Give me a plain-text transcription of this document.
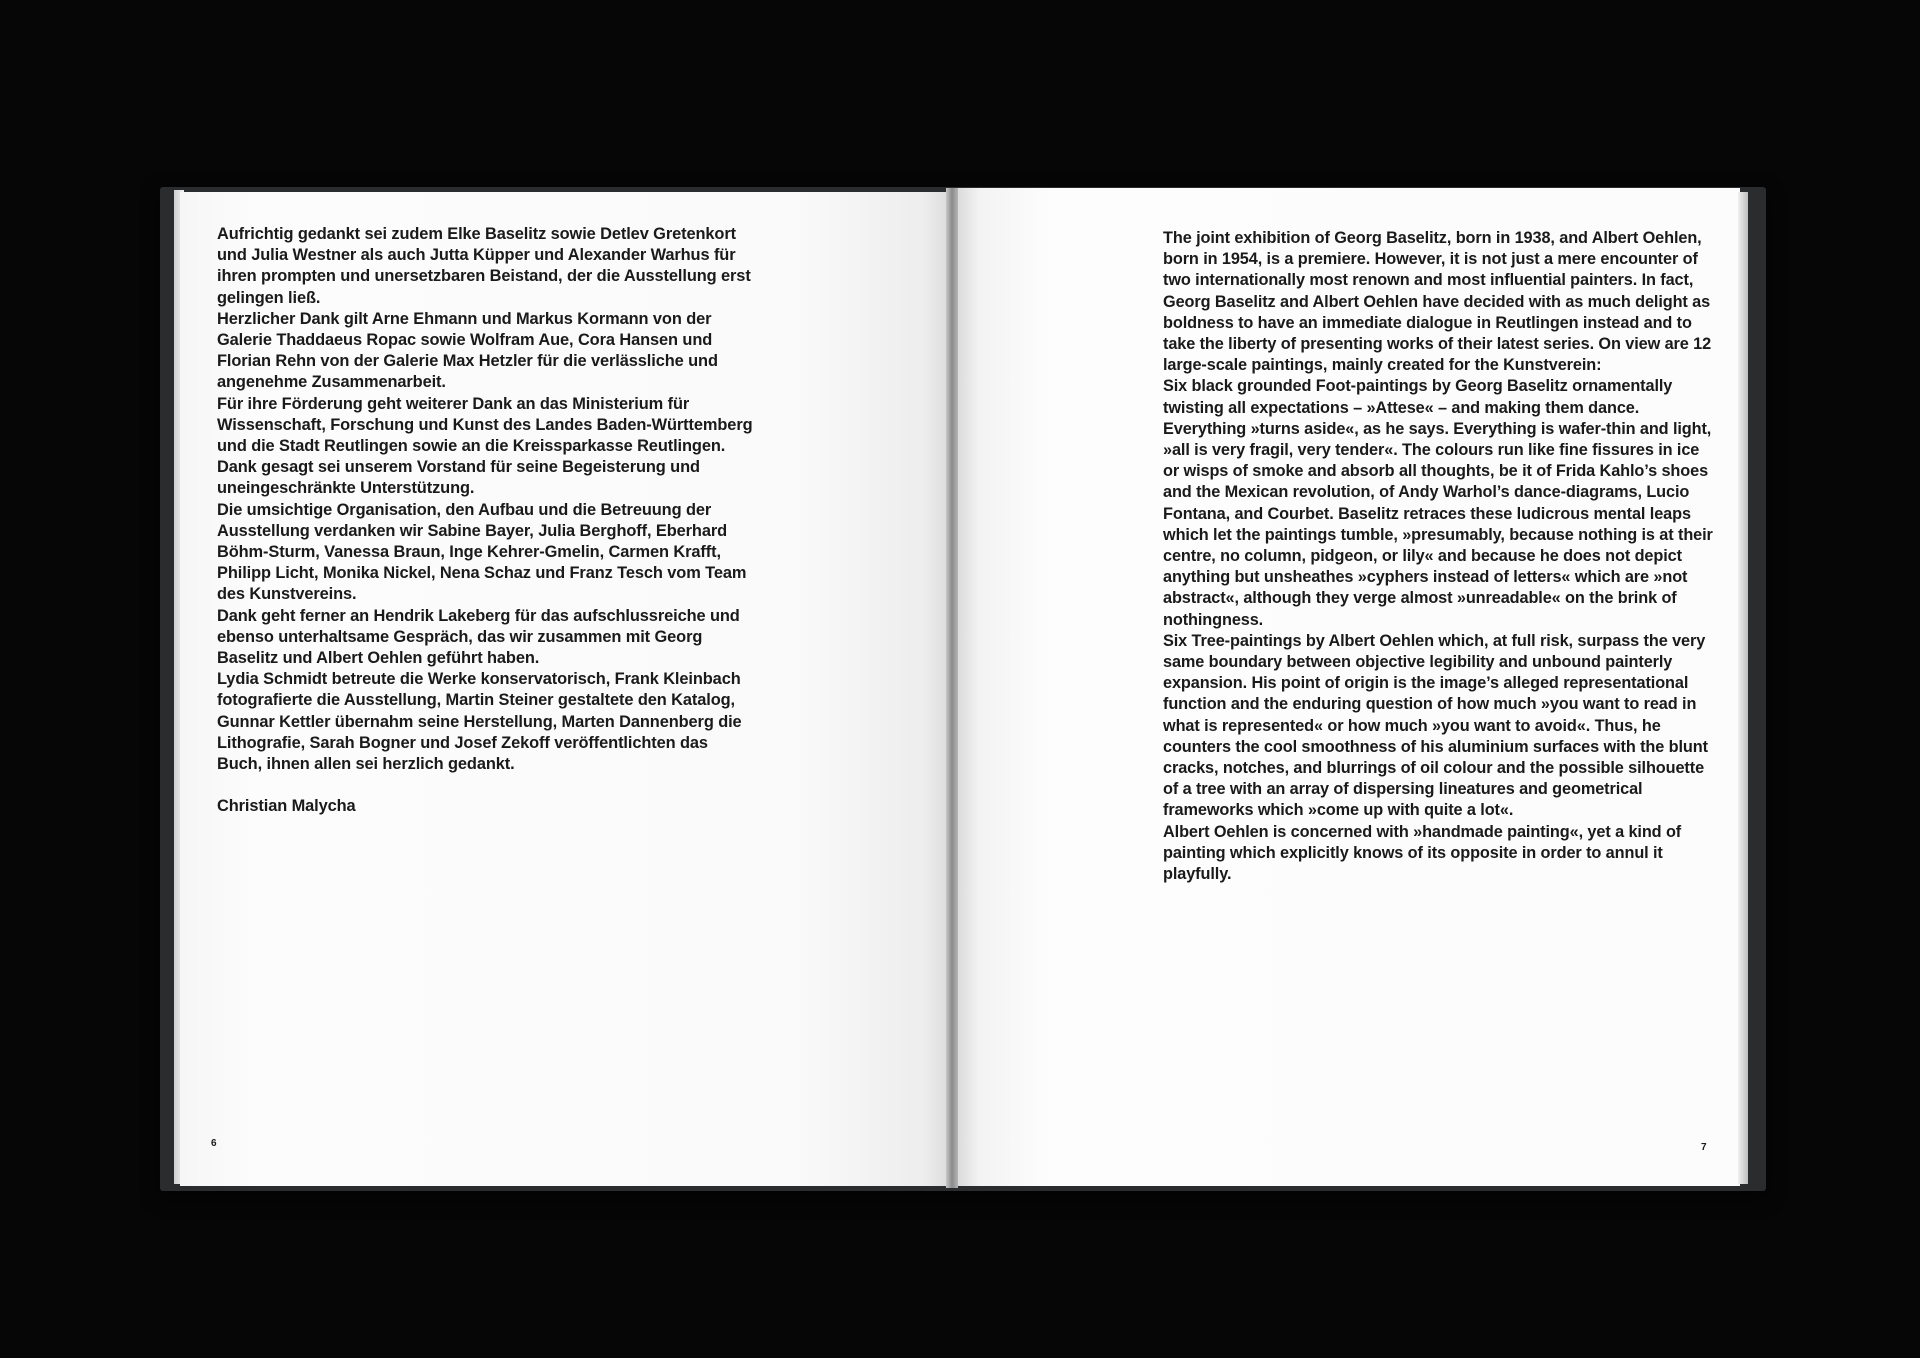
Aufrichtig gedankt sei zudem Elke Baselitz sowie Detlev Gretenkort und Julia Westner als auch Jutta Küpper und Alexander Warhus für ihren prompten und unersetzbaren Beistand, der die Ausstellung erst gelingen ließ.

Herzlicher Dank gilt Arne Ehmann und Markus Kormann von der Galerie Thaddaeus Ropac sowie Wolfram Aue, Cora Hansen und Florian Rehn von der Galerie Max Hetzler für die verlässliche und angenehme Zusammenarbeit.

Für ihre Förderung geht weiterer Dank an das Ministerium für Wissenschaft, Forschung und Kunst des Landes Baden-Württemberg und die Stadt Reutlingen sowie an die Kreissparkasse Reutlingen.

Dank gesagt sei unserem Vorstand für seine Begeisterung und uneingeschränkte Unterstützung.

Die umsichtige Organisation, den Aufbau und die Betreuung der Ausstellung verdanken wir Sabine Bayer, Julia Berghoff, Eberhard Böhm-Sturm, Vanessa Braun, Inge Kehrer-Gmelin, Carmen Krafft, Philipp Licht, Monika Nickel, Nena Schaz und Franz Tesch vom Team des Kunstvereins.

Dank geht ferner an Hendrik Lakeberg für das aufschlussreiche und ebenso unterhaltsame Gespräch, das wir zusammen mit Georg Baselitz und Albert Oehlen geführt haben.

Lydia Schmidt betreute die Werke konservatorisch, Frank Kleinbach fotografierte die Ausstellung, Martin Steiner gestaltete den Katalog, Gunnar Kettler übernahm seine Herstellung, Marten Dannenberg die Lithografie, Sarah Bogner und Josef Zekoff veröffentlichten das Buch, ihnen allen sei herzlich gedankt.

Christian Malycha

The joint exhibition of Georg Baselitz, born in 1938, and Albert Oehlen, born in 1954, is a premiere. However, it is not just a mere encounter of two internationally most renown and most influential painters. In fact, Georg Baselitz and Albert Oehlen have decided with as much delight as boldness to have an immediate dialogue in Reutlingen instead and to take the liberty of presenting works of their latest series. On view are 12 large-scale paintings, mainly created for the Kunstverein:

Six black grounded Foot-paintings by Georg Baselitz ornamentally twisting all expectations – »Attese« – and making them dance. Everything »turns aside«, as he says. Everything is wafer-thin and light, »all is very fragil, very tender«. The colours run like fine fissures in ice or wisps of smoke and absorb all thoughts, be it of Frida Kahlo’s shoes and the Mexican revolution, of Andy Warhol’s dance-diagrams, Lucio Fontana, and Courbet. Baselitz retraces these ludicrous mental leaps which let the paintings tumble, »presumably, because nothing is at their centre, no column, pidgeon, or lily« and because he does not depict anything but unsheathes »cyphers instead of letters« which are »not abstract«, although they verge almost »unreadable« on the brink of nothingness.

Six Tree-paintings by Albert Oehlen which, at full risk, surpass the very same boundary between objective legibility and unbound painterly expansion. His point of origin is the image’s alleged representational function and the enduring question of how much »you want to read in what is represented« or how much »you want to avoid«. Thus, he counters the cool smoothness of his aluminium surfaces with the blunt cracks, notches, and blurrings of oil colour and the possible silhouette of a tree with an array of dispersing lineatures and geometrical frameworks which »come up with quite a lot«.

Albert Oehlen is concerned with »handmade painting«, yet a kind of painting which explicitly knows of its opposite in order to annul it playfully.

6	7
